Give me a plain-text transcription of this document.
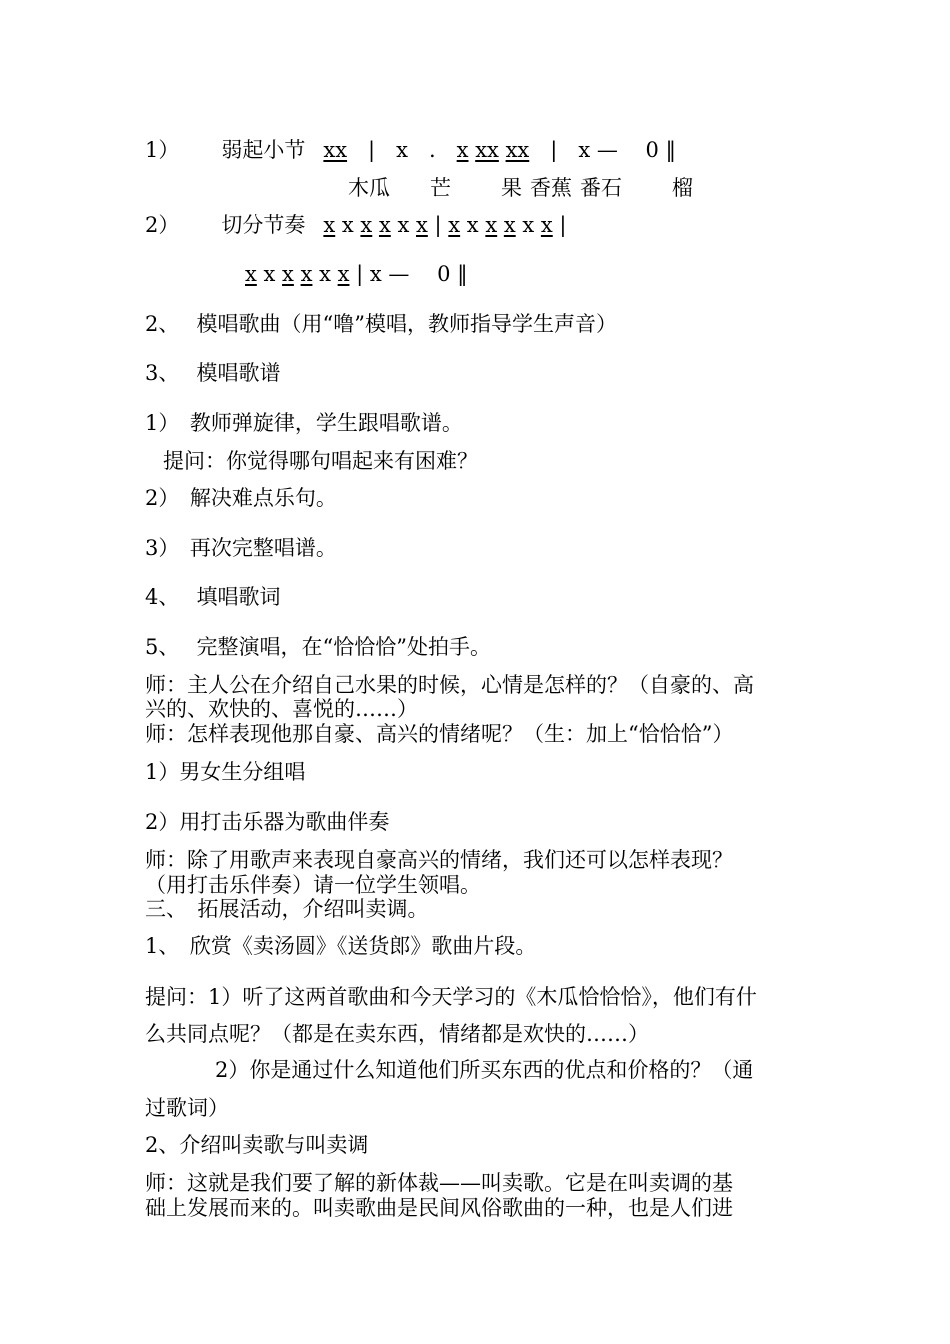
1） 弱起小节 xx　|　x　.　x xx xx　|　x —　 0 ‖
木瓜 芒 果 香蕉 番石 榴
2） 切分节奏 x x x x x x | x x x x x x |
x x x x x x | x —　 0 ‖
2、　 模唱歌曲（用“噜”模唱，教师指导学生声音）
3、　 模唱歌谱
1）　教师弹旋律，学生跟唱歌谱。
提问：你觉得哪句唱起来有困难？
2）　解决难点乐句。
3）　再次完整唱谱。
4、　 填唱歌词
5、　 完整演唱，在“恰恰恰”处拍手。
师：主人公在介绍自己水果的时候，心情是怎样的？（自豪的、高
兴的、欢快的、喜悦的……）
师：怎样表现他那自豪、高兴的情绪呢？（生：加上“恰恰恰”）
1）男女生分组唱
2）用打击乐器为歌曲伴奏
师：除了用歌声来表现自豪高兴的情绪，我们还可以怎样表现？
（用打击乐伴奏）请一位学生领唱。
三、　拓展活动，介绍叫卖调。
1、　欣赏《卖汤圆》《送货郎》歌曲片段。
提问：1）听了这两首歌曲和今天学习的《木瓜恰恰恰》，他们有什
么共同点呢？（都是在卖东西，情绪都是欢快的……）
2）你是通过什么知道他们所买东西的优点和价格的？（通
过歌词）
2、介绍叫卖歌与叫卖调
师：这就是我们要了解的新体裁——叫卖歌。它是在叫卖调的基
础上发展而来的。叫卖歌曲是民间风俗歌曲的一种，也是人们进
